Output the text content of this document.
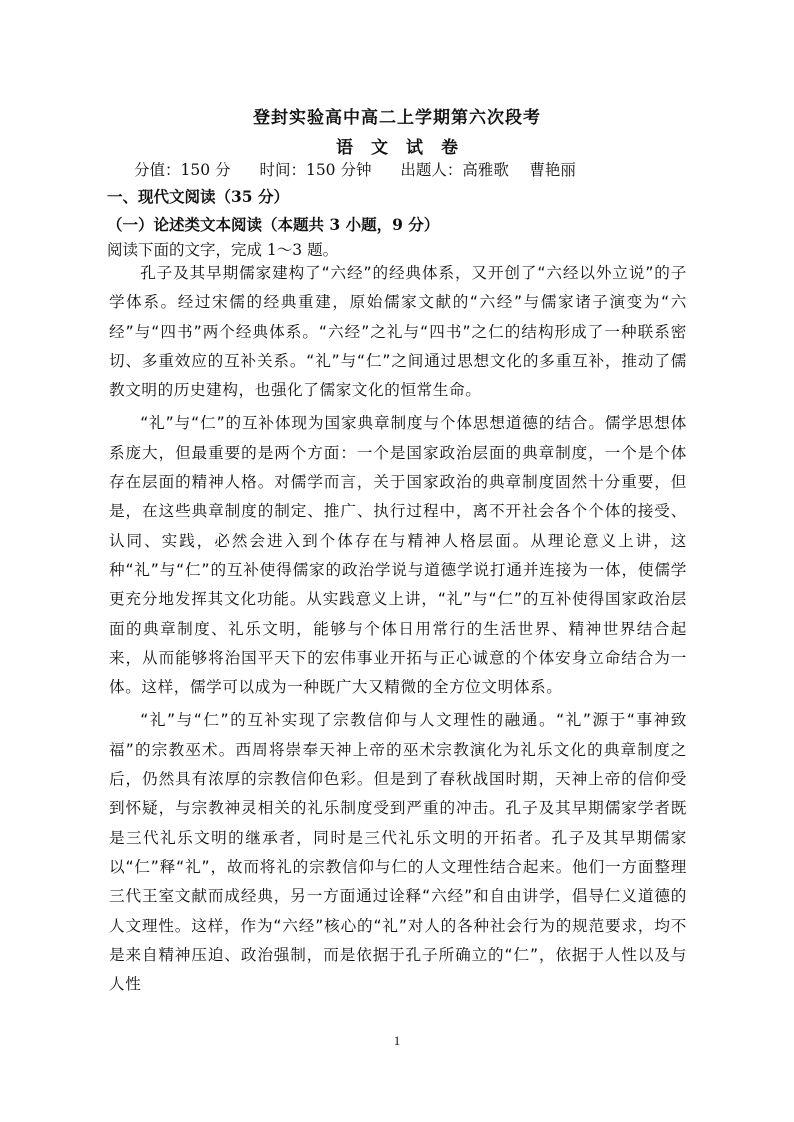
登封实验高中高二上学期第六次段考
语文试卷
分值：150 分 时间：150 分钟 出题人：高雅歌　 曹艳丽
一、现代文阅读（35 分）
（一）论述类文本阅读（本题共 3 小题，9 分）
阅读下面的文字，完成 1～3 题。

孔子及其早期儒家建构了“六经”的经典体系，又开创了“六经以外立说”的子学体系。经过宋儒的经典重建，原始儒家文献的“六经”与儒家诸子演变为“六经”与“四书”两个经典体系。“六经”之礼与“四书”之仁的结构形成了一种联系密切、多重效应的互补关系。“礼”与“仁”之间通过思想文化的多重互补，推动了儒教文明的历史建构，也强化了儒家文化的恒常生命。

“礼”与“仁”的互补体现为国家典章制度与个体思想道德的结合。儒学思想体系庞大，但最重要的是两个方面：一个是国家政治层面的典章制度，一个是个体存在层面的精神人格。对儒学而言，关于国家政治的典章制度固然十分重要，但是，在这些典章制度的制定、推广、执行过程中，离不开社会各个个体的接受、认同、实践，必然会进入到个体存在与精神人格层面。从理论意义上讲，这种“礼”与“仁”的互补使得儒家的政治学说与道德学说打通并连接为一体，使儒学更充分地发挥其文化功能。从实践意义上讲，“礼”与“仁”的互补使得国家政治层面的典章制度、礼乐文明，能够与个体日用常行的生活世界、精神世界结合起来，从而能够将治国平天下的宏伟事业开拓与正心诚意的个体安身立命结合为一体。这样，儒学可以成为一种既广大又精微的全方位文明体系。

“礼”与“仁”的互补实现了宗教信仰与人文理性的融通。“礼”源于“事神致福”的宗教巫术。西周将崇奉天神上帝的巫术宗教演化为礼乐文化的典章制度之后，仍然具有浓厚的宗教信仰色彩。但是到了春秋战国时期，天神上帝的信仰受到怀疑，与宗教神灵相关的礼乐制度受到严重的冲击。孔子及其早期儒家学者既是三代礼乐文明的继承者，同时是三代礼乐文明的开拓者。孔子及其早期儒家以“仁”释“礼”，故而将礼的宗教信仰与仁的人文理性结合起来。他们一方面整理三代王室文献而成经典，另一方面通过诠释“六经”和自由讲学，倡导仁义道德的人文理性。这样，作为“六经”核心的“礼”对人的各种社会行为的规范要求，均不是来自精神压迫、政治强制，而是依据于孔子所确立的“仁”，依据于人性以及与人性

1
